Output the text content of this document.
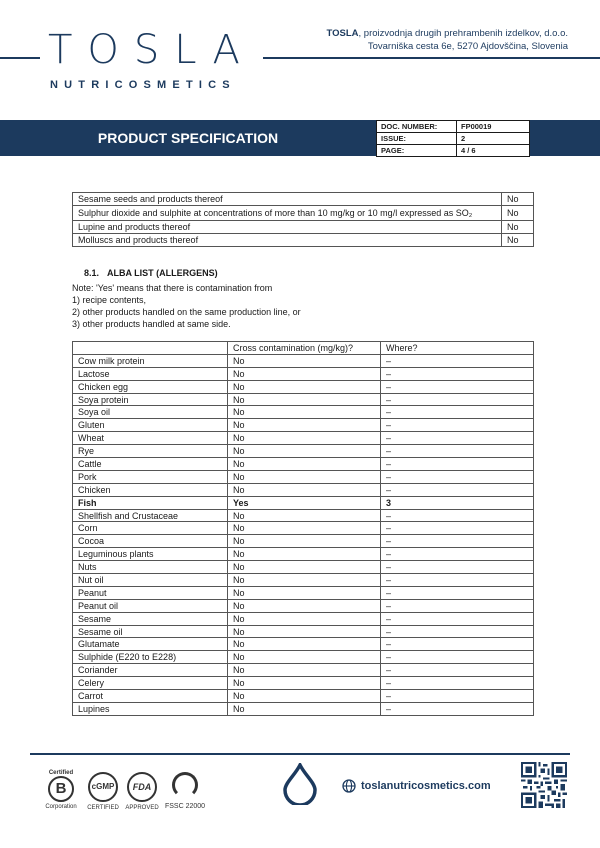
TOSLA
NUTRICOSMETICS
TOSLA, proizvodnja drugih prehrambenih izdelkov, d.o.o.
Tovarniška cesta 6e, 5270 Ajdovščina, Slovenia
PRODUCT SPECIFICATION
DOC. NUMBER:	FP00019
ISSUE:	2
PAGE:	4 / 6
Sesame seeds and products thereof	No
Sulphur dioxide and sulphite at concentrations of more than 10 mg/kg or 10 mg/l expressed as SO₂	No
Lupine and products thereof	No
Molluscs and products thereof	No
8.1. ALBA LIST (ALLERGENS)
Note: 'Yes' means that there is contamination from
1) recipe contents,
2) other products handled on the same production line, or
3) other products handled at same side.
	Cross contamination (mg/kg)?	Where?
Cow milk protein	No	–
Lactose	No	–
Chicken egg	No	–
Soya protein	No	–
Soya oil	No	–
Gluten	No	–
Wheat	No	–
Rye	No	–
Cattle	No	–
Pork	No	–
Chicken	No	–
Fish	Yes	3
Shellfish and Crustaceae	No	–
Corn	No	–
Cocoa	No	–
Leguminous plants	No	–
Nuts	No	–
Nut oil	No	–
Peanut	No	–
Peanut oil	No	–
Sesame	No	–
Sesame oil	No	–
Glutamate	No	–
Sulphide (E220 to E228)	No	–
Coriander	No	–
Celery	No	–
Carrot	No	–
Lupines	No	–
Certified
B
Corporation
cGMP
CERTIFIED
FDA
APPROVED FSSC 22000
toslanutricosmetics.com
